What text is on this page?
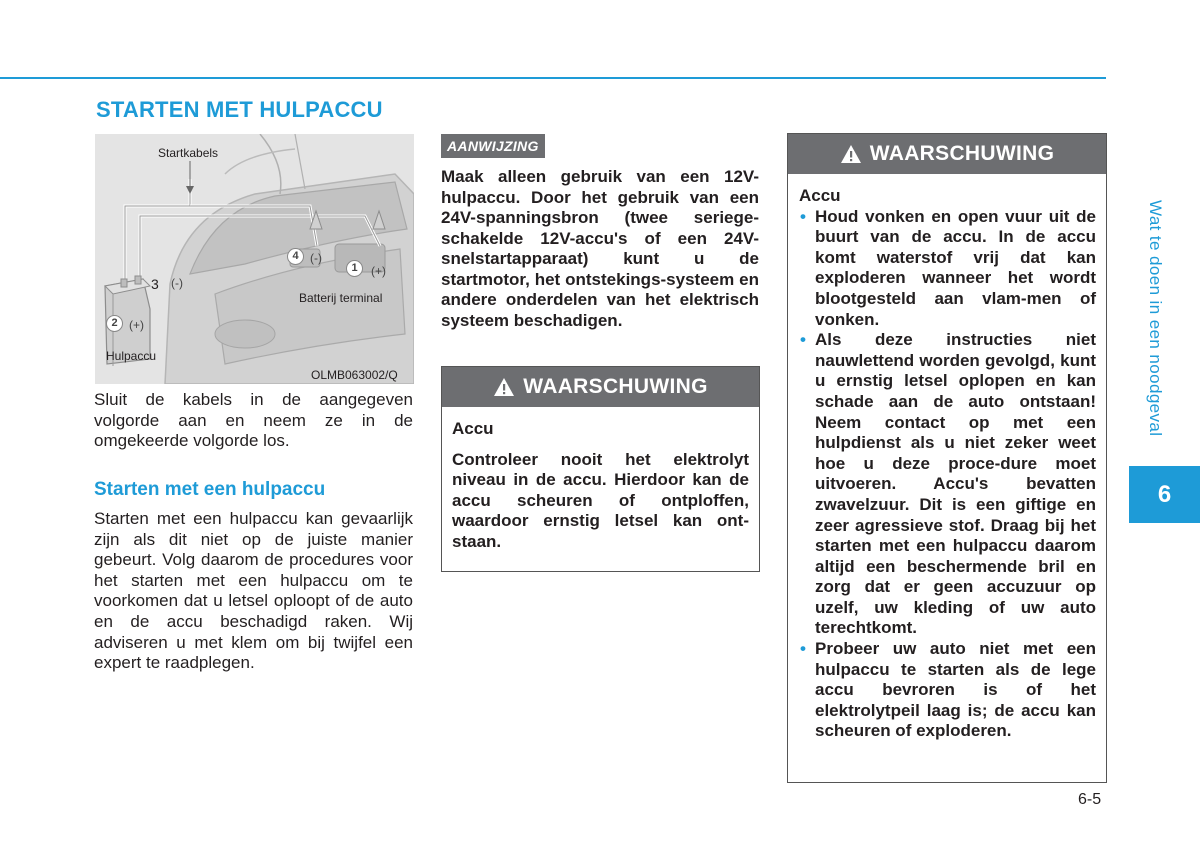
STARTEN MET HULPACCU
Startkabels
Batterij terminal
Hulpaccu
OLMB063002/Q
1	(+)
2 (+)
3 (-)
4 (-)

Sluit de kabels in de aangegeven volgorde aan en neem ze in de omgekeerde volgorde los.

Starten met een hulpaccu

Starten met een hulpaccu kan gevaarlijk zijn als dit niet op de juiste manier gebeurt. Volg daarom de procedures voor het starten met een hulpaccu om te voorkomen dat u letsel oploopt of de auto en de accu beschadigd raken. Wij adviseren u met klem om bij twijfel een expert te raadplegen.

AANWIJZING

Maak alleen gebruik van een 12V-hulpaccu. Door het gebruik van een 24V-spanningsbron (twee seriege-schakelde 12V-accu's of een 24V-snelstartapparaat) kunt u de startmotor, het ontstekings-systeem en andere onderdelen van het elektrisch systeem beschadigen.

WAARSCHUWING

Accu

Controleer nooit het elektrolyt niveau in de accu. Hierdoor kan de accu scheuren of ontploffen, waardoor ernstig letsel kan ont-staan.

WAARSCHUWING

Accu

• Houd vonken en open vuur uit de buurt van de accu. In de accu komt waterstof vrij dat kan exploderen wanneer het wordt blootgesteld aan vlam-men of vonken.
• Als deze instructies niet nauwlettend worden gevolgd, kunt u ernstig letsel oplopen en kan schade aan de auto ontstaan! Neem contact op met een hulpdienst als u niet zeker weet hoe u deze proce-dure moet uitvoeren. Accu's bevatten zwavelzuur. Dit is een giftige en zeer agressieve stof. Draag bij het starten met een hulpaccu daarom altijd een beschermende bril en zorg dat er geen accuzuur op uzelf, uw kleding of uw auto terechtkomt.
• Probeer uw auto niet met een hulpaccu te starten als de lege accu bevroren is of het elektrolytpeil laag is; de accu kan scheuren of exploderen.
Wat te doen in een noodgeval
6
6-5
